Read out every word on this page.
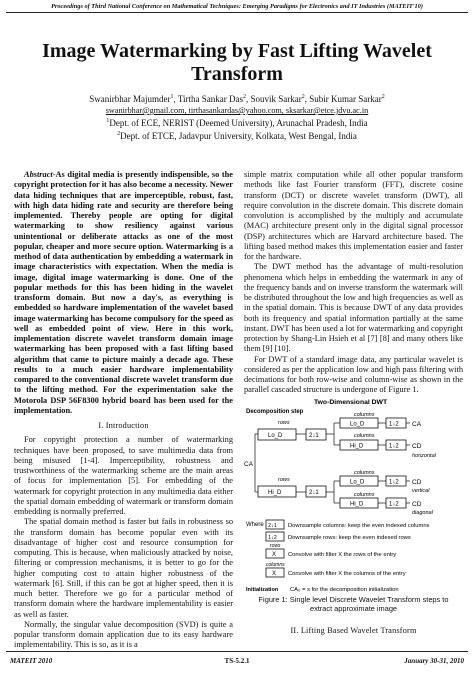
Proceedings of Third National Conference on Mathematical Techniques: Emerging Paradigms for Electronics and IT Industries (MATEIT'10)
Image Watermarking by Fast Lifting Wavelet Transform
Swanirbhar Majumder$^1$, Tirtha Sankar Das$^2$, Souvik Sarkar$^2$, Subir Kumar Sarkar$^2$
swanirbhar@gmail.com, tirthasankardas@yahoo.com, sksarkar@etce.jdvu.ac.in
$^1$Dept. of ECE, NERIST (Deemed University), Arunachal Pradesh, India
$^2$Dept. of ETCE, Jadavpur University, Kolkata, West Bengal, India

Abstract-As digital media is presently indispensible, so the copyright protection for it has also become a necessity. Newer data hiding techniques that are imperceptible, robust, fast, with high data hiding rate and security are therefore being implemented. Thereby people are opting for digital watermarking to show resiliency against various unintentional or deliberate attacks as one of the most popular, cheaper and more secure option. Watermarking is a method of data authentication by embedding a watermark in image characteristics with expectation. When the media is image, digital image watermarking is done. One of the popular methods for this has been hiding in the wavelet transform domain. But now a day's, as everything is embedded so hardware implementation of the wavelet based image watermarking has become compulsory for the speed as well as embedded point of view. Here in this work, implementation discrete wavelet transform domain image watermarking has been proposed with a fast lifting based algorithm that came to picture mainly a decade ago. These results to a much easier hardware implementability compared to the conventional discrete wavelet transform due to the lifting method. For the experimentation sake the Motorola DSP 56F8300 hybrid board has been used for the implementation.

I. Introduction

For copyright protection a number of watermarking techniques have been proposed, to save multimedia data from being misused [1-4]. Imperceptibility, robustness and trustworthiness of the watermarking scheme are the main areas of focus for implementation [5]. For embedding of the watermark for copyright protection in any multimedia data either the spatial domain embedding of watermark or transform domain embedding is normally preferred.

The spatial domain method is faster but fails in robustness so the transform domain has become popular even with its disadvantage of higher cost and resource consumption for computing. This is because, when maliciously attacked by noise, filtering or compression mechanisms, it is better to go for the higher computing cost to attain higher robustness of the watermark [6]. Still, if this can be got at higher speed, then it is much better. Therefore we go for a particular method of transform domain where the hardware implementability is easier as well as faster.

Normally, the singular value decomposition (SVD) is quite a popular transform domain application due to its easy hardware implementability. This is so, as it is a

simple matrix computation while all other popular transform methods like fast Fourier transform (FFT), discrete cosine transform (DCT) or discrete wavelet transform (DWT), all require convolution in the discrete domain. This discrete domain convolution is accomplished by the multiply and accumulate (MAC) architecture present only in the digital signal processor (DSP) architectures which are Harvard architecture based. The lifting based method makes this implementation easier and faster for the hardware.

The DWT method has the advantage of multi-resolution phenomena which helps in embedding the watermark in any of the frequency bands and on inverse transform the watermark will be distributed throughout the low and high frequencies as well as in the spatial domain. This is because DWT of any data provides both its frequency and spatial information partially at the same instant. DWT has been used a lot for watermarking and copyright protection by Shang-Lin Hsieh et al [7] [8] and many others like them [9] [10].

For DWT of a standard image data, any particular wavelet is considered as per the application low and high pass filtering with decimations for both row-wise and column-wise as shown in the parallel cascaded structure is undergone of Figure 1.

Two-Dimensional DWT
Decomposition step
rows
Lo_D	2↓1
rows
Hi_D	2↓1
CA
columns
Lo_D	1↓2 CA
columns
Hi_D	1↓2 CD
horizontal
columns
Lo_D	1↓2 CD
vertical
columns
Hi_D	1↓2 CD
diagonal
Where 2↓1 Downsample columns: keep the even indexed columns
1↓2 Downsample rows: keep the even indexed rows
rows
X Convolve with filter X the rows of the entry
columns
X Convolve with filter X the columns of the entry
Initialization CA₀ = s for the decomposition initialization

Figure 1: Single level Discrete Wavelet Transform steps to extract approximate image

II. Lifting Based Wavelet Transform

MATEIT 2010	TS-5.2.1	January 30-31, 2010
